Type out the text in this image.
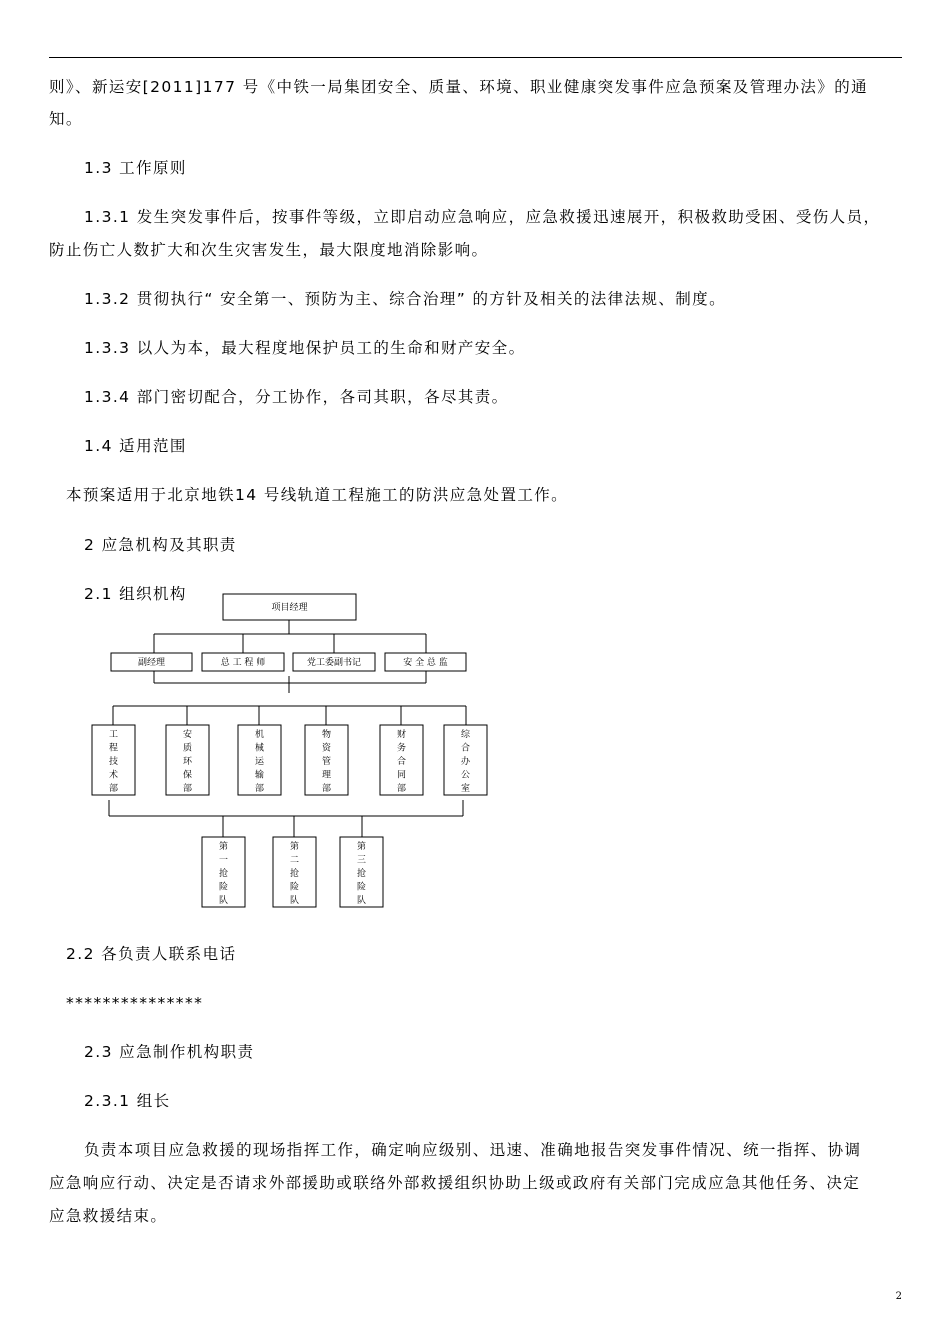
则》、新运安[2011]177 号《中铁一局集团安全、质量、环境、职业健康突发事件应急预案及管理办法》的通
知。
1.3 工作原则
1.3.1 发生突发事件后，按事件等级，立即启动应急响应，应急救援迅速展开，积极救助受困、受伤人员，
防止伤亡人数扩大和次生灾害发生，最大限度地消除影响。
1.3.2 贯彻执行“ 安全第一、预防为主、综合治理” 的方针及相关的法律法规、制度。
1.3.3 以人为本，最大程度地保护员工的生命和财产安全。
1.3.4 部门密切配合，分工协作，各司其职，各尽其责。
1.4 适用范围
本预案适用于北京地铁14 号线轨道工程施工的防洪应急处置工作。
2 应急机构及其职责
2.1 组织机构
项目经理
副经理	总 工 程 师	党工委副书记	安 全 总 监
工程技术部
安质环保部
机械运输部
物资管理部
财务合同部
综合办公室
第一抢险队
第二抢险队
第三抢险队
2.2 各负责人联系电话
***************
2.3 应急制作机构职责
2.3.1 组长
负责本项目应急救援的现场指挥工作，确定响应级别、迅速、准确地报告突发事件情况、统一指挥、协调
应急响应行动、决定是否请求外部援助或联络外部救援组织协助上级或政府有关部门完成应急其他任务、决定
应急救援结束。
2
